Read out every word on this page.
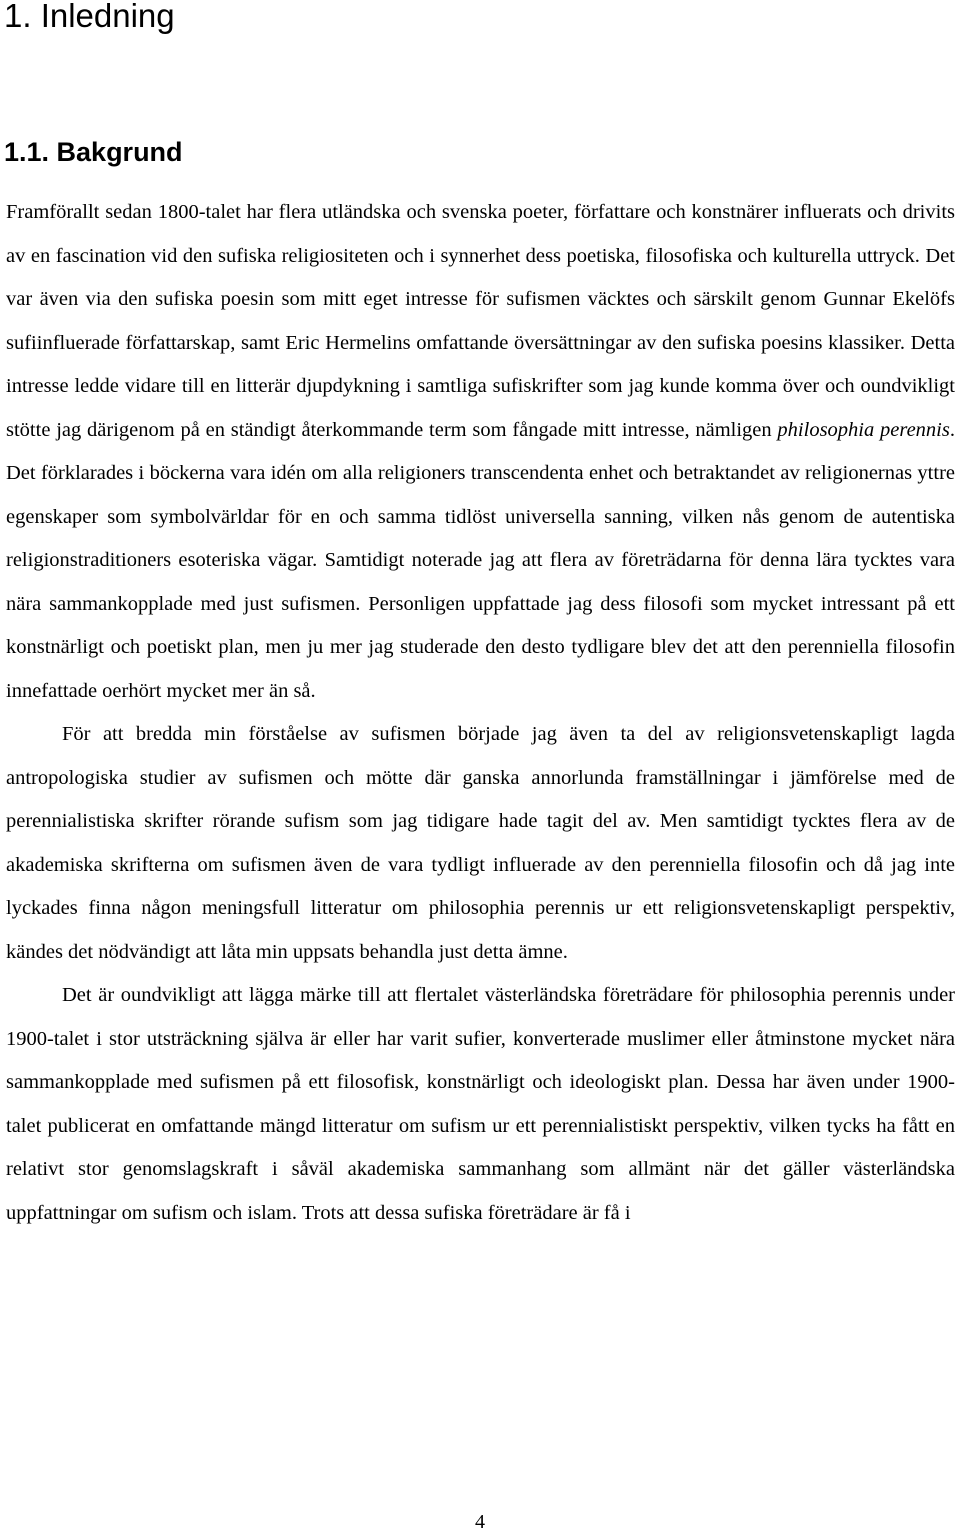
1. Inledning
1.1. Bakgrund

Framförallt sedan 1800-talet har flera utländska och svenska poeter, författare och konstnärer influerats och drivits av en fascination vid den sufiska religiositeten och i synnerhet dess poetiska, filosofiska och kulturella uttryck. Det var även via den sufiska poesin som mitt eget intresse för sufismen väcktes och särskilt genom Gunnar Ekelöfs sufiinfluerade författarskap, samt Eric Hermelins omfattande översättningar av den sufiska poesins klassiker. Detta intresse ledde vidare till en litterär djupdykning i samtliga sufiskrifter som jag kunde komma över och oundvikligt stötte jag därigenom på en ständigt återkommande term som fångade mitt intresse, nämligen philosophia perennis. Det förklarades i böckerna vara idén om alla religioners transcendenta enhet och betraktandet av religionernas yttre egenskaper som symbolvärldar för en och samma tidlöst universella sanning, vilken nås genom de autentiska religionstraditioners esoteriska vägar. Samtidigt noterade jag att flera av företrädarna för denna lära tycktes vara nära sammankopplade med just sufismen. Personligen uppfattade jag dess filosofi som mycket intressant på ett konstnärligt och poetiskt plan, men ju mer jag studerade den desto tydligare blev det att den perenniella filosofin innefattade oerhört mycket mer än så.

För att bredda min förståelse av sufismen började jag även ta del av religionsvetenskapligt lagda antropologiska studier av sufismen och mötte där ganska annorlunda framställningar i jämförelse med de perennialistiska skrifter rörande sufism som jag tidigare hade tagit del av. Men samtidigt tycktes flera av de akademiska skrifterna om sufismen även de vara tydligt influerade av den perenniella filosofin och då jag inte lyckades finna någon meningsfull litteratur om philosophia perennis ur ett religionsvetenskapligt perspektiv, kändes det nödvändigt att låta min uppsats behandla just detta ämne.

Det är oundvikligt att lägga märke till att flertalet västerländska företrädare för philosophia perennis under 1900-talet i stor utsträckning själva är eller har varit sufier, konverterade muslimer eller åtminstone mycket nära sammankopplade med sufismen på ett filosofisk, konstnärligt och ideologiskt plan. Dessa har även under 1900-talet publicerat en omfattande mängd litteratur om sufism ur ett perennialistiskt perspektiv, vilken tycks ha fått en relativt stor genomslagskraft i såväl akademiska sammanhang som allmänt när det gäller västerländska uppfattningar om sufism och islam. Trots att dessa sufiska företrädare är få i

4
